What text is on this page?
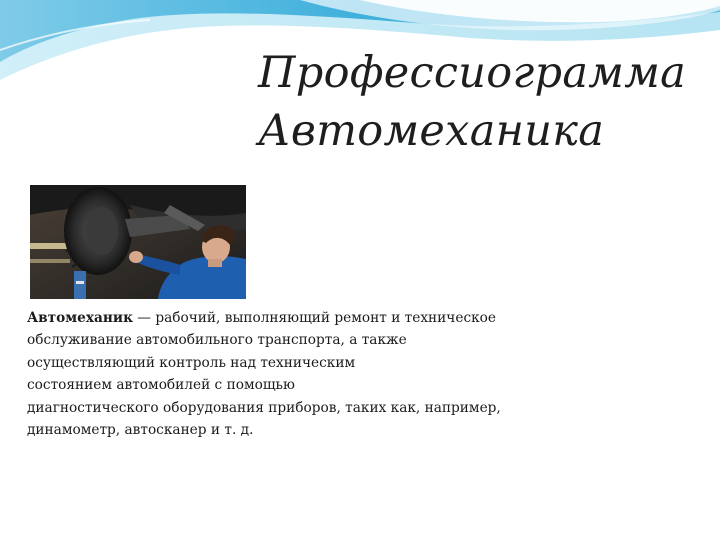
Профессиограмма
Автомеханика

Автомеханик — рабочий, выполняющий ремонт и техническое
обслуживание автомобильного транспорта, а также
осуществляющий контроль над техническим
состоянием автомобилей с помощью
диагностического оборудования приборов, таких как, например,
динамометр, автосканер и т. д.
